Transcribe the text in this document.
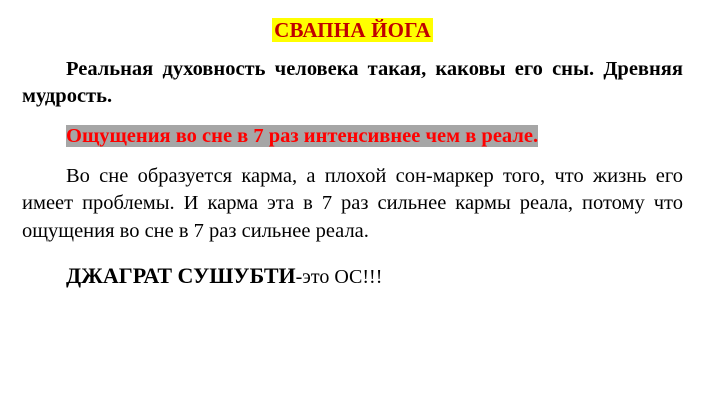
СВАПНА ЙОГА

Реальная духовность человека такая, каковы его сны. Древняя мудрость.

Ощущения во сне в 7 раз интенсивнее чем в реале.

Во сне образуется карма, а плохой сон-маркер того, что жизнь его имеет проблемы. И карма эта в 7 раз сильнее кармы реала, потому что ощущения во сне в 7 раз сильнее реала.

ДЖАГРАТ СУШУБТИ-это ОС!!!
